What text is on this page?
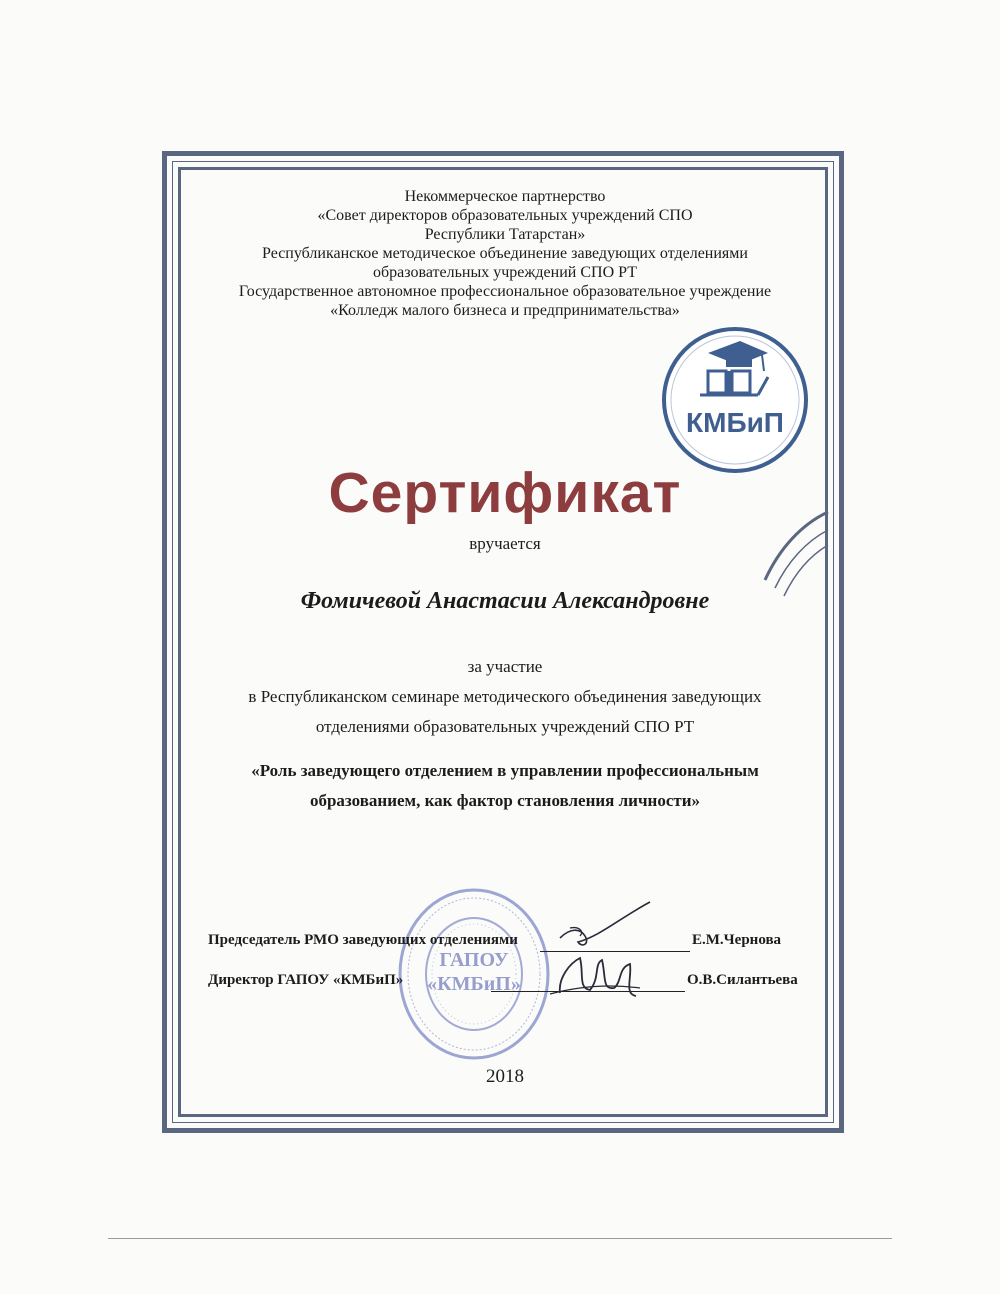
Некоммерческое партнерство
«Совет директоров образовательных учреждений СПО
Республики Татарстан»
Республиканское методическое объединение заведующих отделениями
образовательных учреждений СПО РТ
Государственное автономное профессиональное образовательное учреждение
«Колледж малого бизнеса и предпринимательства»
КМБиП
Сертификат
вручается
Фомичевой Анастасии Александровне
за участие
в Республиканском семинаре методического объединения заведующих
отделениями образовательных учреждений СПО РТ
«Роль заведующего отделением в управлении профессиональным
образованием, как фактор становления личности»
ГАПОУ
«КМБиП»
Председатель РМО заведующих отделениями	Е.М.Чернова
Директор ГАПОУ «КМБиП»	О.В.Силантьева
2018
